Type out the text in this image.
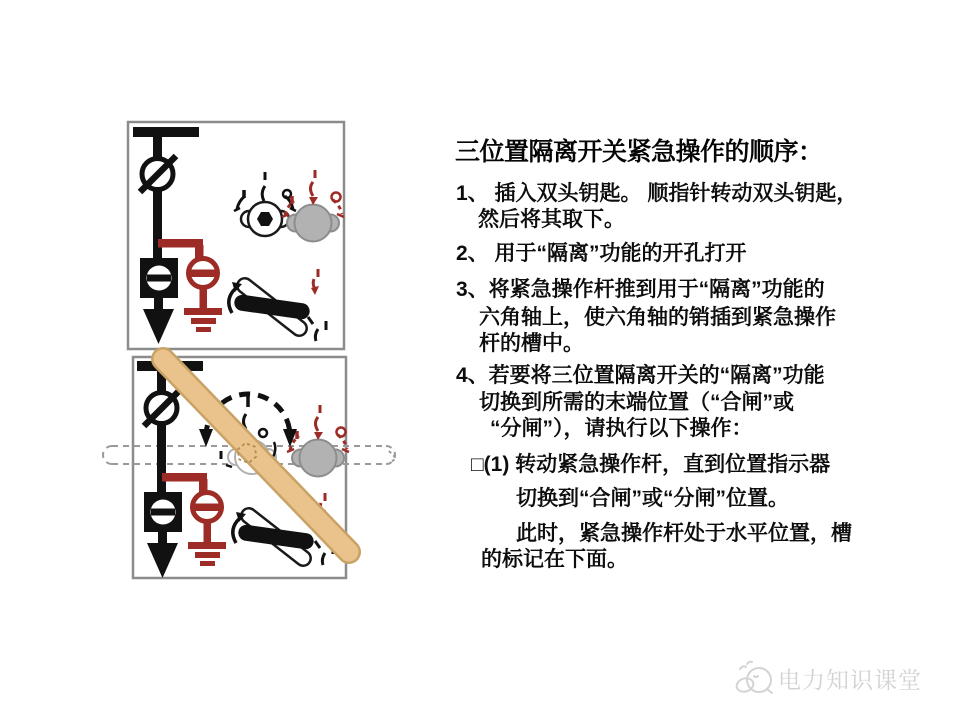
三位置隔离开关紧急操作的顺序：
1、 插入双头钥匙。 顺指针转动双头钥匙，
然后将其取下。
2、 用于“隔离”功能的开孔打开
3、将紧急操作杆推到用于“隔离”功能的
六角轴上，使六角轴的销插到紧急操作
杆的槽中。
4、若要将三位置隔离开关的“隔离”功能
切换到所需的末端位置（“合闸”或
“分闸”），请执行以下操作：
□(1) 转动紧急操作杆，直到位置指示器
切换到“合闸”或“分闸”位置。
此时，紧急操作杆处于水平位置，槽
的标记在下面。
电力知识课堂
